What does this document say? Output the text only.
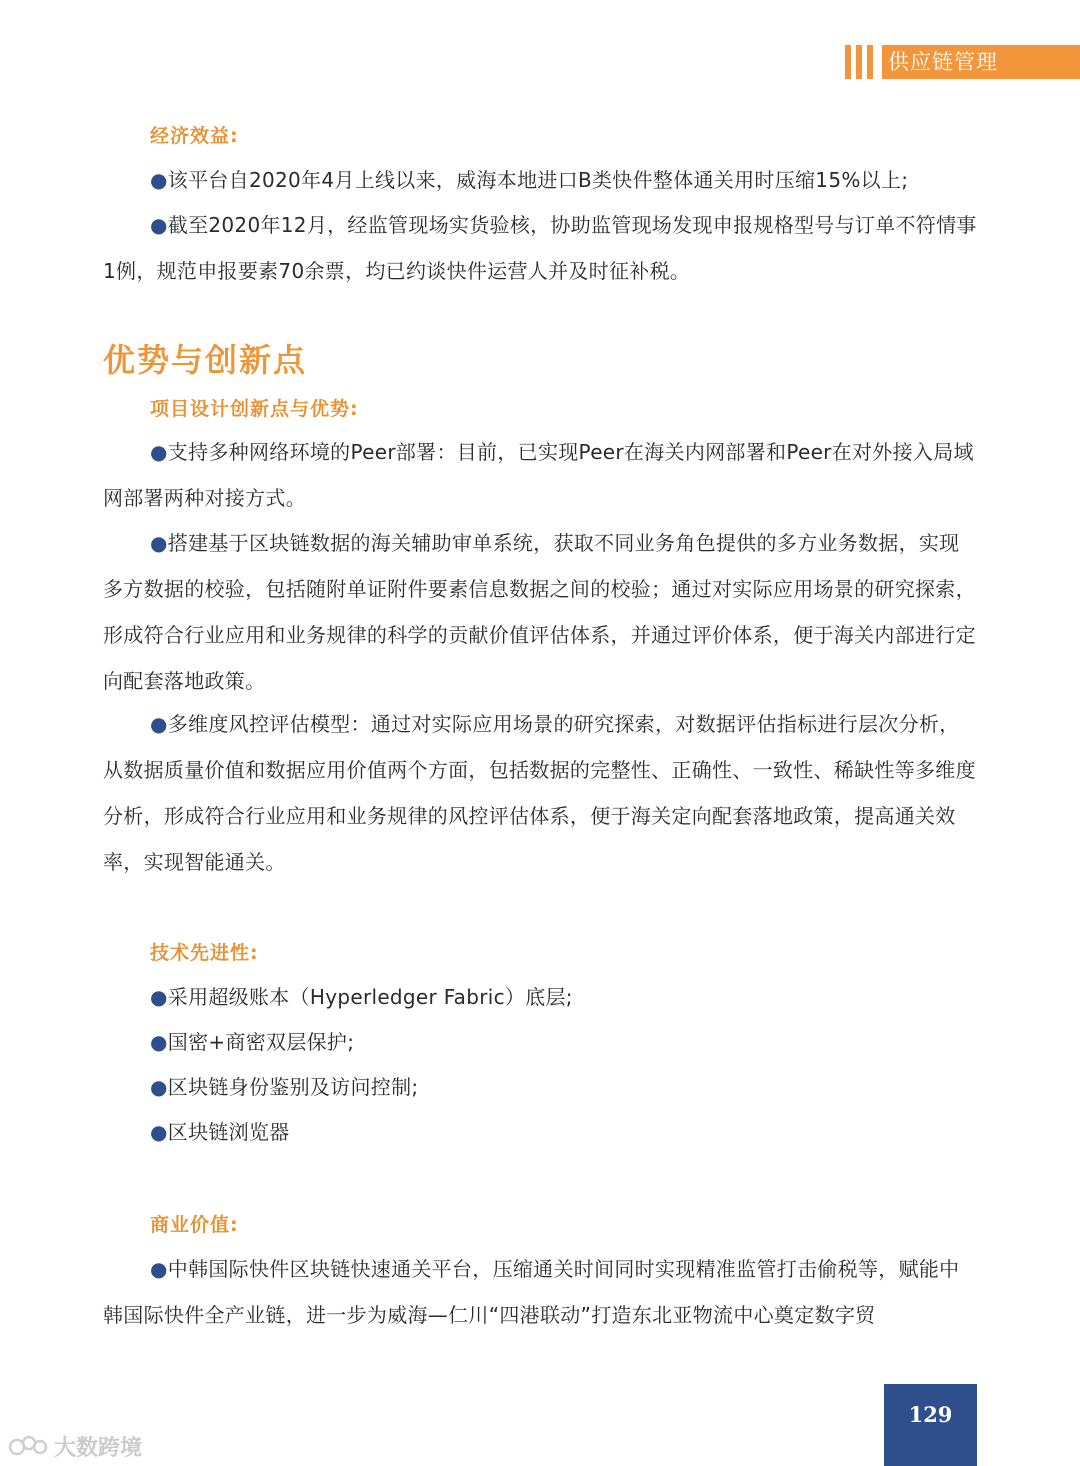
供应链管理
经济效益:

●该平台自2020年4月上线以来，威海本地进口B类快件整体通关用时压缩15%以上;

●截至2020年12月，经监管现场实货验核，协助监管现场发现申报规格型号与订单不符情事1例，规范申报要素70余票，均已约谈快件运营人并及时征补税。

优势与创新点
项目设计创新点与优势:

●支持多种网络环境的Peer部署：目前，已实现Peer在海关内网部署和Peer在对外接入局域网部署两种对接方式。

●搭建基于区块链数据的海关辅助审单系统，获取不同业务角色提供的多方业务数据，实现多方数据的校验，包括随附单证附件要素信息数据之间的校验；通过对实际应用场景的研究探索，形成符合行业应用和业务规律的科学的贡献价值评估体系，并通过评价体系，便于海关内部进行定向配套落地政策。

●多维度风控评估模型：通过对实际应用场景的研究探索，对数据评估指标进行层次分析，从数据质量价值和数据应用价值两个方面，包括数据的完整性、正确性、一致性、稀缺性等多维度分析，形成符合行业应用和业务规律的风控评估体系，便于海关定向配套落地政策，提高通关效率，实现智能通关。

技术先进性:

●采用超级账本（Hyperledger Fabric）底层;

●国密+商密双层保护;

●区块链身份鉴别及访问控制;

●区块链浏览器

商业价值:

●中韩国际快件区块链快速通关平台，压缩通关时间同时实现精准监管打击偷税等，赋能中韩国际快件全产业链，进一步为威海—仁川“四港联动”打造东北亚物流中心奠定数字贸

129
大数跨境
